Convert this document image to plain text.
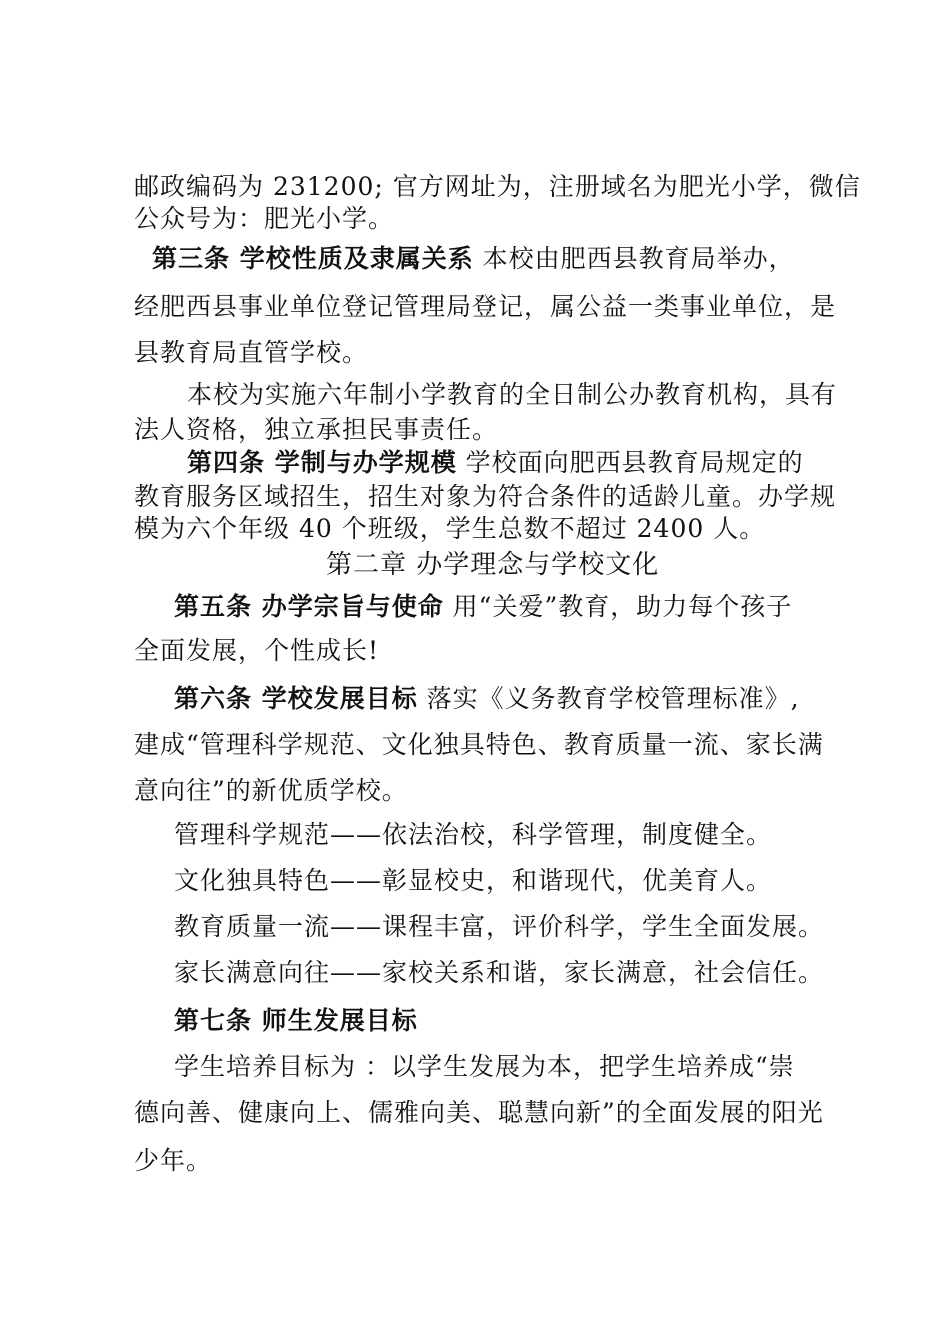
邮政编码为 231200; 官方网址为，注册域名为肥光小学，微信
公众号为：肥光小学。
第三条 学校性质及隶属关系 本校由肥西县教育局举办，
经肥西县事业单位登记管理局登记，属公益一类事业单位，是
县教育局直管学校。
本校为实施六年制小学教育的全日制公办教育机构，具有
法人资格，独立承担民事责任。
第四条 学制与办学规模 学校面向肥西县教育局规定的
教育服务区域招生，招生对象为符合条件的适龄儿童。办学规
模为六个年级 40 个班级，学生总数不超过 2400 人。
第二章 办学理念与学校文化
第五条 办学宗旨与使命 用“关爱”教育，助力每个孩子
全面发展，个性成长!
第六条 学校发展目标 落实《义务教育学校管理标准》,
建成“管理科学规范、文化独具特色、教育质量一流、家长满
意向往”的新优质学校。
管理科学规范——依法治校，科学管理，制度健全。
文化独具特色——彰显校史，和谐现代，优美育人。
教育质量一流——课程丰富，评价科学，学生全面发展。
家长满意向往——家校关系和谐，家长满意，社会信任。
第七条 师生发展目标
学生培养目标为 ：以学生发展为本，把学生培养成“崇
德向善、健康向上、儒雅向美、聪慧向新”的全面发展的阳光
少年。
